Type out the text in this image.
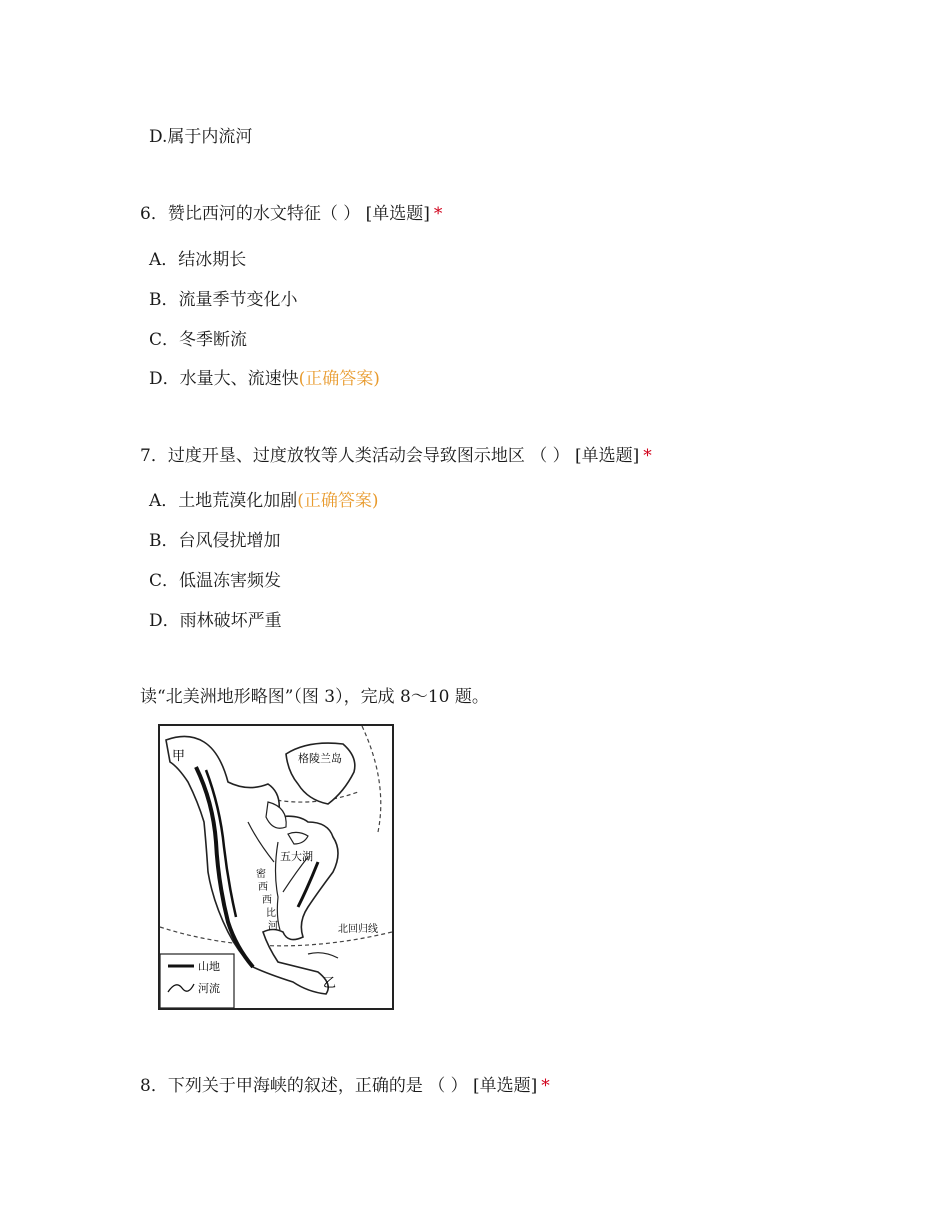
D.属于内流河
6．赞比西河的水文特征（ ） [单选题] *
A．结冰期长
B．流量季节变化小
C．冬季断流
D．水量大、流速快(正确答案)
7．过度开垦、过度放牧等人类活动会导致图示地区 （ ） [单选题] *
A．土地荒漠化加剧(正确答案)
B．台风侵扰增加
C．低温冻害频发
D．雨林破坏严重
读“北美洲地形略图”（图 3），完成 8～10 题。
甲	格陵兰岛
五大湖
密
西
西
比
河	北回归线
乙
山地
河流
8．下列关于甲海峡的叙述，正确的是 （ ） [单选题] *
